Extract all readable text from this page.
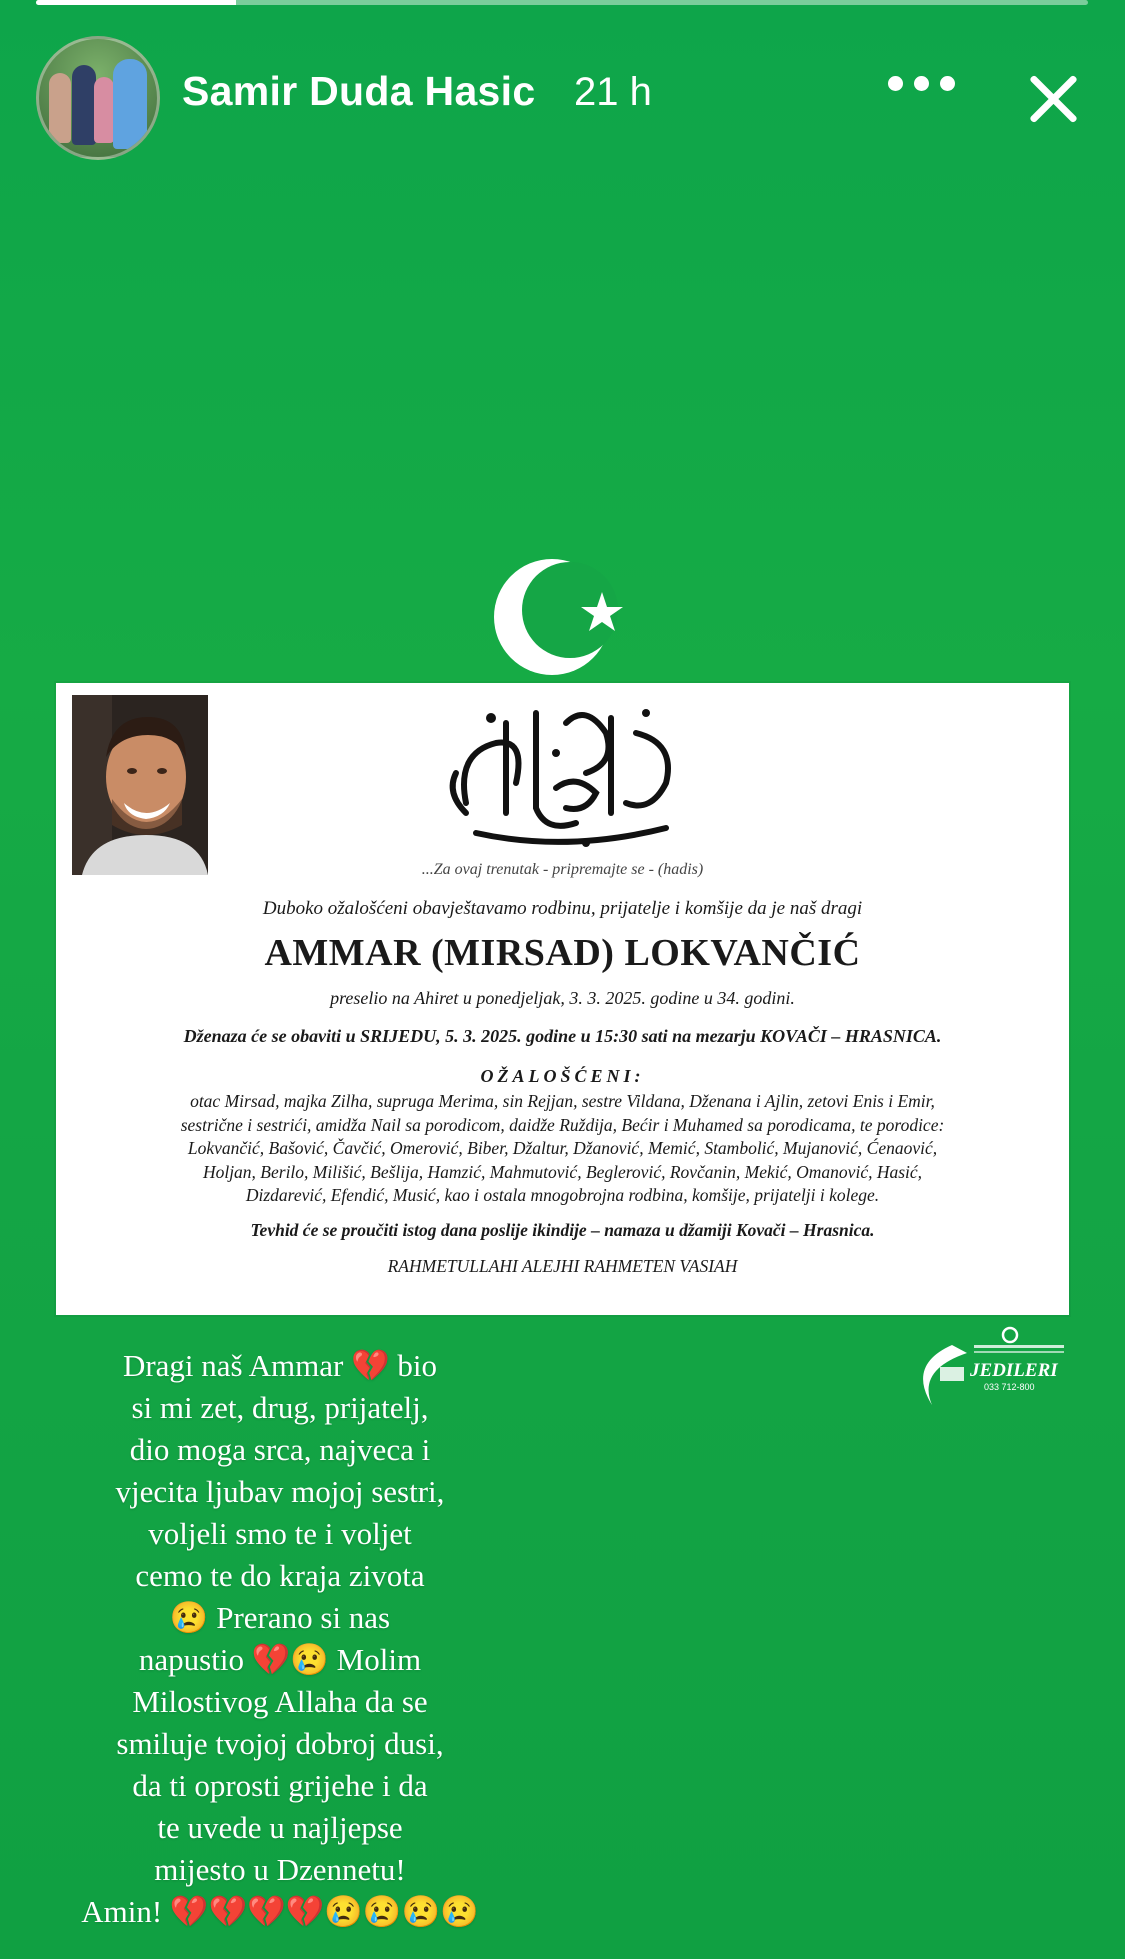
Samir Duda Hasic 21 h
...Za ovaj trenutak - pripremajte se - (hadis)
Duboko ožalošćeni obavještavamo rodbinu, prijatelje i komšije da je naš dragi
AMMAR (MIRSAD) LOKVANČIĆ
preselio na Ahiret u ponedjeljak, 3. 3. 2025. godine u 34. godini.
Dženaza će se obaviti u SRIJEDU, 5. 3. 2025. godine u 15:30 sati na mezarju KOVAČI – HRASNICA.
OŽALOŠĆENI:
otac Mirsad, majka Zilha, supruga Merima, sin Rejjan, sestre Vildana, Dženana i Ajlin, zetovi Enis i Emir,
sestrične i sestrići, amidža Nail sa porodicom, daidže Ruždija, Bećir i Muhamed sa porodicama, te porodice:
Lokvančić, Bašović, Čavčić, Omerović, Biber, Džaltur, Džanović, Memić, Stambolić, Mujanović, Ćenaović,
Holjan, Berilo, Milišić, Bešlija, Hamzić, Mahmutović, Beglerović, Rovčanin, Mekić, Omanović, Hasić,
Dizdarević, Efendić, Musić, kao i ostala mnogobrojna rodbina, komšije, prijatelji i kolege.
Tevhid će se proučiti istog dana poslije ikindije – namaza u džamiji Kovači – Hrasnica.
RAHMETULLAHI ALEJHI RAHMETEN VASIAH
JEDILERI
033 712-800
Dragi naš Ammar 💔 bio
si mi zet, drug, prijatelj,
dio moga srca, najveca i
vjecita ljubav mojoj sestri,
voljeli smo te i voljet
cemo te do kraja zivota
😢 Prerano si nas
napustio 💔😢 Molim
Milostivog Allaha da se
smiluje tvojoj dobroj dusi,
da ti oprosti grijehe i da
te uvede u najljepse
mijesto u Dzennetu!
Amin! 💔💔💔💔😢😢😢😢
